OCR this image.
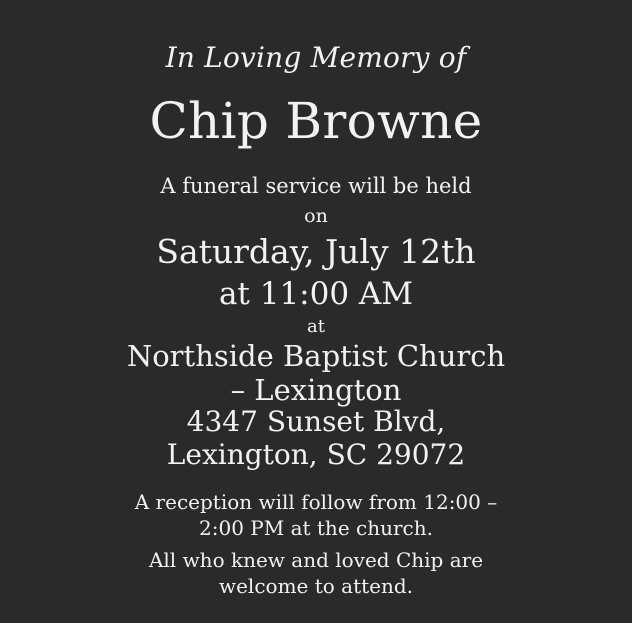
In Loving Memory of
Chip Browne
A funeral service will be held
on
Saturday, July 12th
at 11:00 AM
at
Northside Baptist Church
– Lexington
4347 Sunset Blvd,
Lexington, SC 29072
A reception will follow from 12:00 –
2:00 PM at the church.
All who knew and loved Chip are
welcome to attend.
